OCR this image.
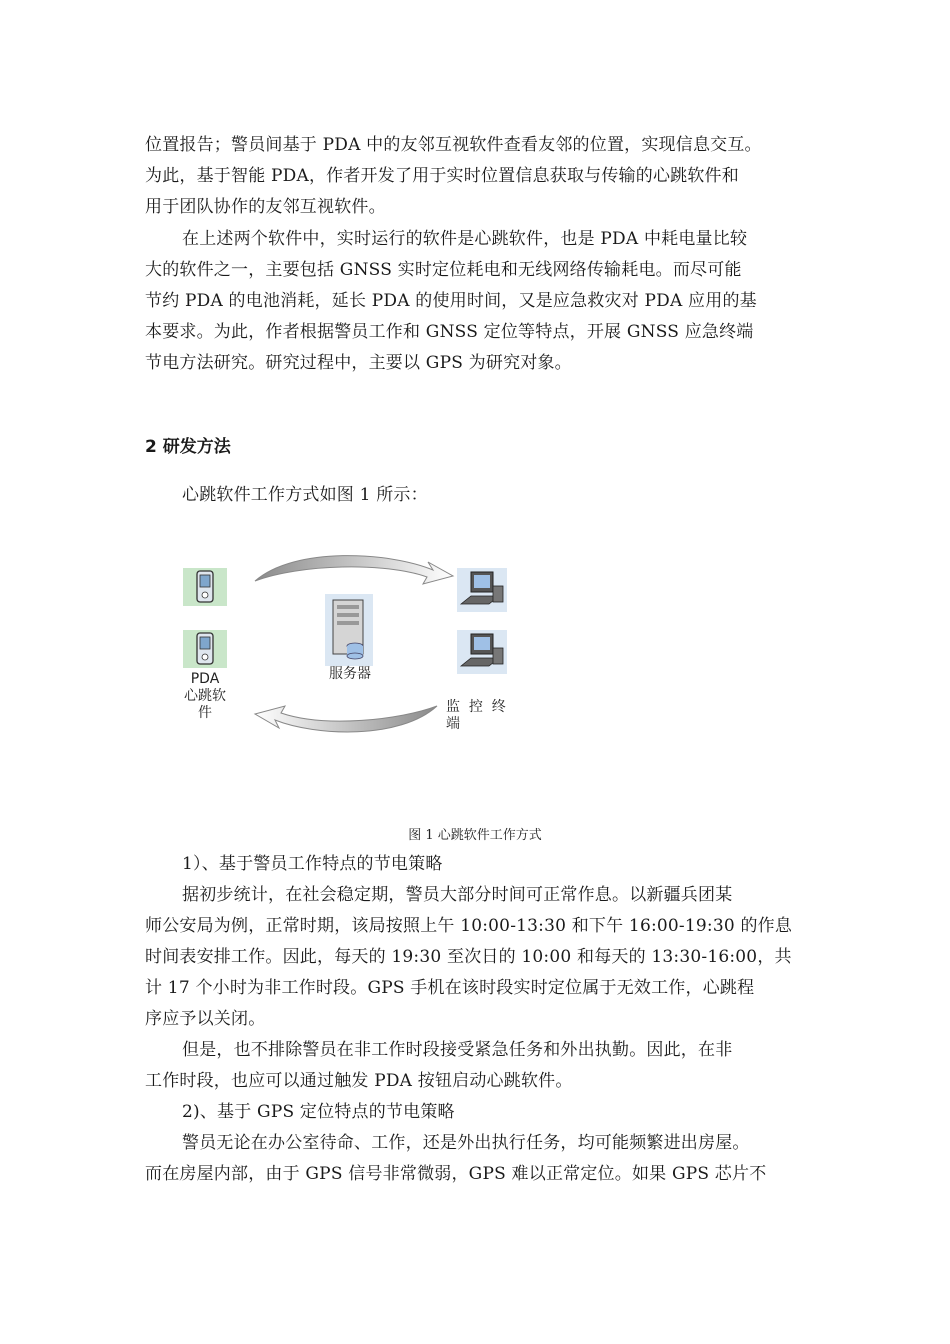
位置报告；警员间基于 PDA 中的友邻互视软件查看友邻的位置，实现信息交互。
为此，基于智能 PDA，作者开发了用于实时位置信息获取与传输的心跳软件和
用于团队协作的友邻互视软件。
在上述两个软件中，实时运行的软件是心跳软件，也是 PDA 中耗电量比较
大的软件之一，主要包括 GNSS 实时定位耗电和无线网络传输耗电。而尽可能
节约 PDA 的电池消耗，延长 PDA 的使用时间，又是应急救灾对 PDA 应用的基
本要求。为此，作者根据警员工作和 GNSS 定位等特点，开展 GNSS 应急终端
节电方法研究。研究过程中，主要以 GPS 为研究对象。
2 研发方法
心跳软件工作方式如图 1 所示：
服务器
PDA
心跳软
件	监  控  终
端
图 1 心跳软件工作方式
1）、基于警员工作特点的节电策略
据初步统计，在社会稳定期，警员大部分时间可正常作息。以新疆兵团某
师公安局为例，正常时期，该局按照上午 10:00-13:30 和下午 16:00-19:30 的作息
时间表安排工作。因此，每天的 19:30 至次日的 10:00 和每天的 13:30-16:00，共
计 17 个小时为非工作时段。GPS 手机在该时段实时定位属于无效工作，心跳程
序应予以关闭。
但是，也不排除警员在非工作时段接受紧急任务和外出执勤。因此，在非
工作时段，也应可以通过触发 PDA 按钮启动心跳软件。
2)、基于 GPS 定位特点的节电策略
警员无论在办公室待命、工作，还是外出执行任务，均可能频繁进出房屋。
而在房屋内部，由于 GPS 信号非常微弱，GPS 难以正常定位。如果 GPS 芯片不
